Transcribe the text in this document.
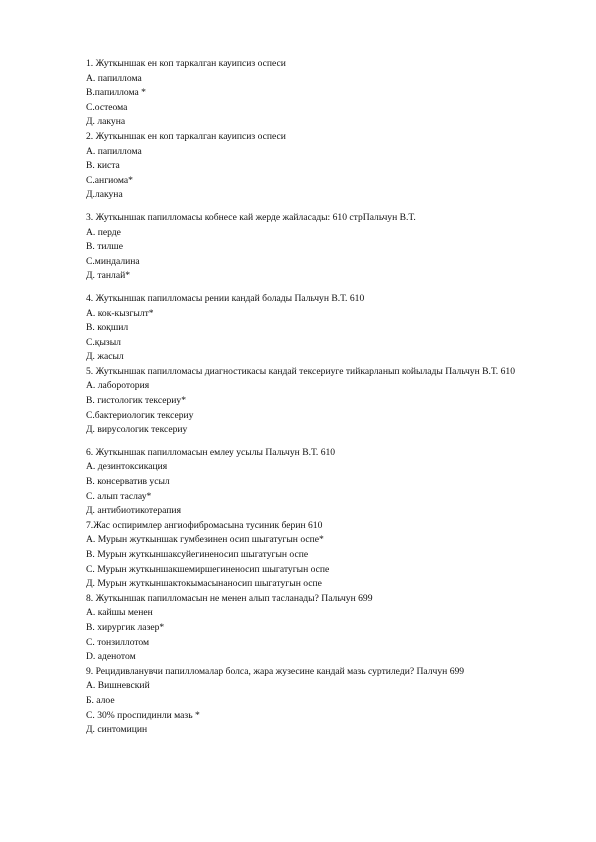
1. Жуткыншак ен коп таркалган кауипсиз оспеси
А. папиллома
В.папиллома *
С.остеома
Д. лакуна
2. Жуткыншак ен коп таркалган кауипсиз оспеси
А. папиллома
В. киста
С.ангиома*
Д.лакуна
3. Жуткыншак папилломасы кобнесе кай жерде жайласады: 610 стрПальчун В.Т.
А. перде
В. тилше
С.миндалина
Д. танлай*
4. Жуткыншак папилломасы рении кандай болады Пальчун В.Т. 610
А. кок-кызгылт*
В. коқшил
С.қызыл
Д. жасыл
5. Жуткыншак папилломасы диагностикасы кандай тексериуге тийкарланып койылады Пальчун В.Т. 610
А. лаборотория
В. гистологик тексериу*
С.бактериологик тексериу
Д. вирусологик тексериу
6. Жуткыншак папилломасын емлеу усылы Пальчун В.Т. 610
А. дезинтоксикация
В. консерватив усыл
С. алып таслау*
Д. антибиотикотерапия
7.Жас оспиримлер ангиофибромасына тусиник берин 610
А. Мурын жуткыншак гумбезинен осип шыгатугын оспе*
В. Мурын жуткыншаксуйегиненосип шыгатугын оспе
С. Мурын жуткыншакшемиршегиненосип шыгатугын оспе
Д. Мурын жуткыншактокымасынаносип шыгатугын оспе
8. Жуткыншак папилломасын не менен алып тасланады? Пальчун 699
А. кайшы менен
В. хирургик лазер*
С. тонзиллотом
D. аденотом
9. Рецидивланувчи папилломалар болса, жара жузесине кандай мазь суртиледи? Палчун 699
А. Вишневский
Б. алое
С. 30% проспидинли мазь *
Д. синтомицин
